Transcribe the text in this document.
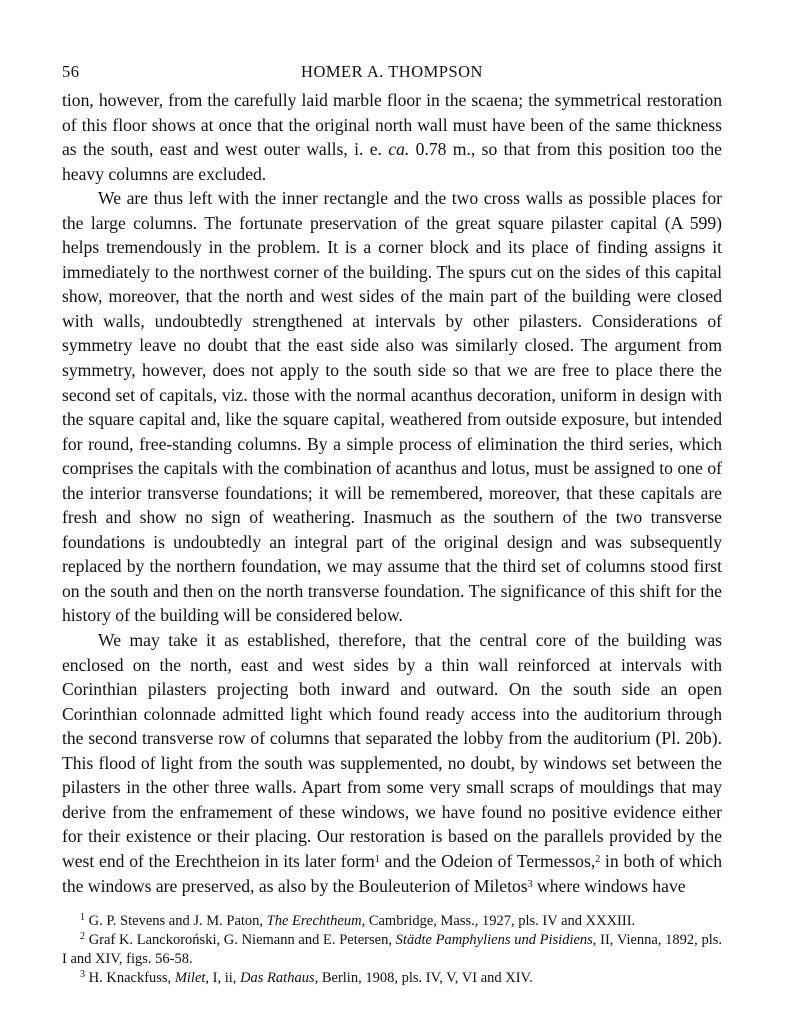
56	HOMER A. THOMPSON

tion, however, from the carefully laid marble floor in the scaena; the symmetrical restoration of this floor shows at once that the original north wall must have been of the same thickness as the south, east and west outer walls, i. e. ca. 0.78 m., so that from this position too the heavy columns are excluded.

We are thus left with the inner rectangle and the two cross walls as possible places for the large columns. The fortunate preservation of the great square pilaster capital (A 599) helps tremendously in the problem. It is a corner block and its place of finding assigns it immediately to the northwest corner of the building. The spurs cut on the sides of this capital show, moreover, that the north and west sides of the main part of the building were closed with walls, undoubtedly strengthened at intervals by other pilasters. Considerations of symmetry leave no doubt that the east side also was similarly closed. The argument from symmetry, however, does not apply to the south side so that we are free to place there the second set of capitals, viz. those with the normal acanthus decoration, uniform in design with the square capital and, like the square capital, weathered from outside exposure, but intended for round, free-standing columns. By a simple process of elimination the third series, which comprises the capitals with the combination of acanthus and lotus, must be assigned to one of the interior transverse foundations; it will be remembered, moreover, that these capitals are fresh and show no sign of weathering. Inasmuch as the southern of the two transverse foundations is undoubtedly an integral part of the original design and was subsequently replaced by the northern foundation, we may assume that the third set of columns stood first on the south and then on the north transverse foundation. The significance of this shift for the history of the building will be considered below.

We may take it as established, therefore, that the central core of the building was enclosed on the north, east and west sides by a thin wall reinforced at intervals with Corinthian pilasters projecting both inward and outward. On the south side an open Corinthian colonnade admitted light which found ready access into the auditorium through the second transverse row of columns that separated the lobby from the auditorium (Pl. 20b). This flood of light from the south was supplemented, no doubt, by windows set between the pilasters in the other three walls. Apart from some very small scraps of mouldings that may derive from the enframement of these windows, we have found no positive evidence either for their existence or their placing. Our restoration is based on the parallels provided by the west end of the Erechtheion in its later form$^1$ and the Odeion of Termessos,$^2$ in both of which the windows are preserved, as also by the Bouleuterion of Miletos$^3$ where windows have

$^1$ G. P. Stevens and J. M. Paton, The Erechtheum, Cambridge, Mass., 1927, pls. IV and XXXIII.

$^2$ Graf K. Lanckoroński, G. Niemann and E. Petersen, Städte Pamphyliens und Pisidiens, II, Vienna, 1892, pls. I and XIV, figs. 56-58.

$^3$ H. Knackfuss, Milet, I, ii, Das Rathaus, Berlin, 1908, pls. IV, V, VI and XIV.
